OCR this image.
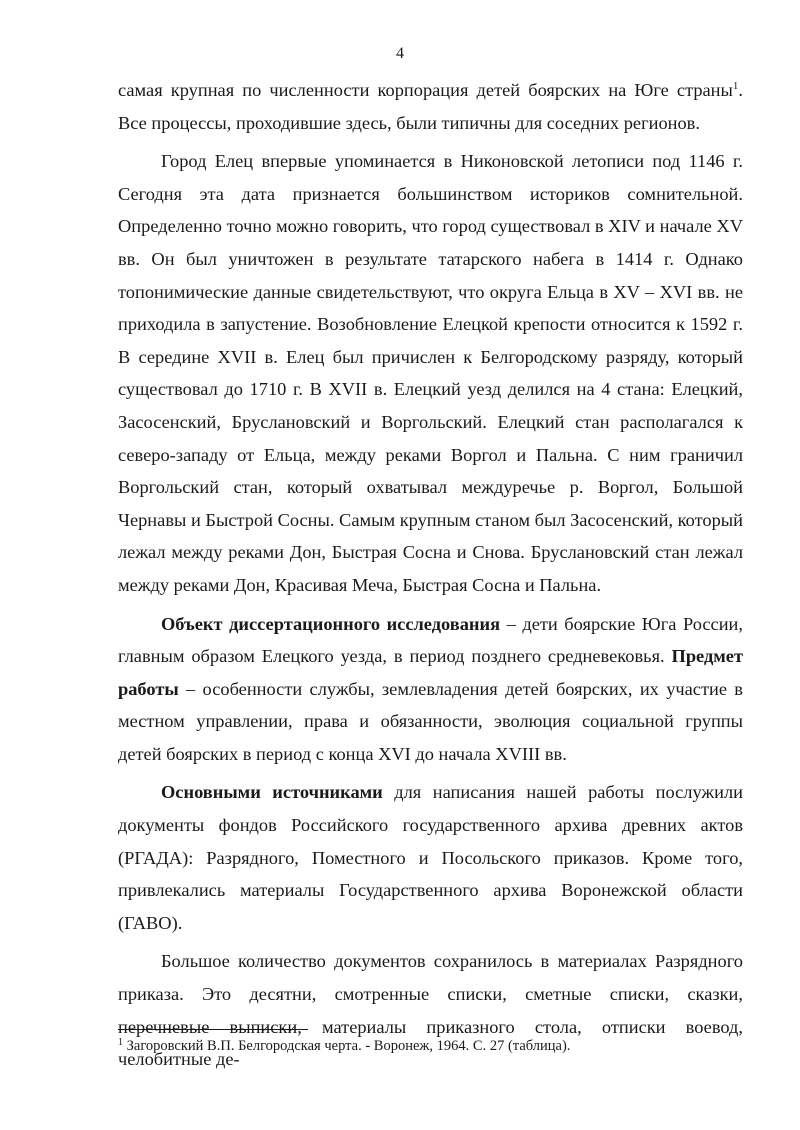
4

самая крупная по численности корпорация детей боярских на Юге страны$^1$. Все процессы, проходившие здесь, были типичны для соседних регионов.

Город Елец впервые упоминается в Никоновской летописи под 1146 г. Сегодня эта дата признается большинством историков сомнительной. Определенно точно можно говорить, что город существовал в XIV и начале XV вв. Он был уничтожен в результате татарского набега в 1414 г. Однако топонимические данные свидетельствуют, что округа Ельца в XV – XVI вв. не приходила в запустение. Возобновление Елецкой крепости относится к 1592 г. В середине XVII в. Елец был причислен к Белгородскому разряду, который существовал до 1710 г. В XVII в. Елецкий уезд делился на 4 стана: Елецкий, Засосенский, Бруслановский и Воргольский. Елецкий стан располагался к северо-западу от Ельца, между реками Воргол и Пальна. С ним граничил Воргольский стан, который охватывал междуречье р. Воргол, Большой Чернавы и Быстрой Сосны. Самым крупным станом был Засосенский, который лежал между реками Дон, Быстрая Сосна и Снова. Бруслановский стан лежал между реками Дон, Красивая Меча, Быстрая Сосна и Пальна.

Объект диссертационного исследования – дети боярские Юга России, главным образом Елецкого уезда, в период позднего средневековья. Предмет работы – особенности службы, землевладения детей боярских, их участие в местном управлении, права и обязанности, эволюция социальной группы детей боярских в период с конца XVI до начала XVIII вв.

Основными источниками для написания нашей работы послужили документы фондов Российского государственного архива древних актов (РГАДА): Разрядного, Поместного и Посольского приказов. Кроме того, привлекались материалы Государственного архива Воронежской области (ГАВО).

Большое количество документов сохранилось в материалах Разрядного приказа. Это десятни, смотренные списки, сметные списки, сказки, перечневые выписки, материалы приказного стола, отписки воевод, челобитные де-

$^1$ Загоровский В.П. Белгородская черта. - Воронеж, 1964. С. 27 (таблица).
